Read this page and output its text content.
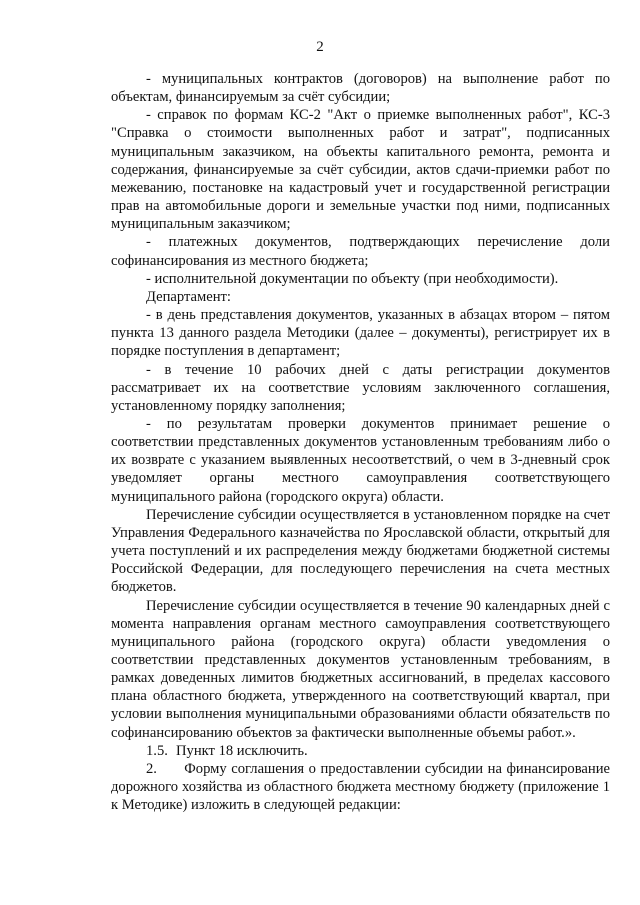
2

- муниципальных контрактов (договоров) на выполнение работ по объектам, финансируемым за счёт субсидии;

- справок по формам КС-2 "Акт о приемке выполненных работ", КС-3 "Справка о стоимости выполненных работ и затрат", подписанных муниципальным заказчиком, на объекты капитального ремонта, ремонта и содержания, финансируемые за счёт субсидии, актов сдачи-приемки работ по межеванию, постановке на кадастровый учет и государственной регистрации прав на автомобильные дороги и земельные участки под ними, подписанных муниципальным заказчиком;

- платежных документов, подтверждающих перечисление доли софинансирования из местного бюджета;

- исполнительной документации по объекту (при необходимости).

Департамент:

- в день представления документов, указанных в абзацах втором – пятом пункта 13 данного раздела Методики (далее – документы), регистрирует их в порядке поступления в департамент;

- в течение 10 рабочих дней с даты регистрации документов рассматривает их на соответствие условиям заключенного соглашения, установленному порядку заполнения;

- по результатам проверки документов принимает решение о соответствии представленных документов установленным требованиям либо о их возврате с указанием выявленных несоответствий, о чем в 3-дневный срок уведомляет органы местного самоуправления соответствующего муниципального района (городского округа) области.

Перечисление субсидии осуществляется в установленном порядке на счет Управления Федерального казначейства по Ярославской области, открытый для учета поступлений и их распределения между бюджетами бюджетной системы Российской Федерации, для последующего перечисления на счета местных бюджетов.

Перечисление субсидии осуществляется в течение 90 календарных дней с момента направления органам местного самоуправления соответствующего муниципального района (городского округа) области уведомления о соответствии представленных документов установленным требованиям, в рамках доведенных лимитов бюджетных ассигнований, в пределах кассового плана областного бюджета, утвержденного на соответствующий квартал, при условии выполнения муниципальными образованиями области обязательств по софинансированию объектов за фактически выполненные объемы работ.».

1.5. Пункт 18 исключить.

2. Форму соглашения о предоставлении субсидии на финансирование дорожного хозяйства из областного бюджета местному бюджету (приложение 1 к Методике) изложить в следующей редакции:
